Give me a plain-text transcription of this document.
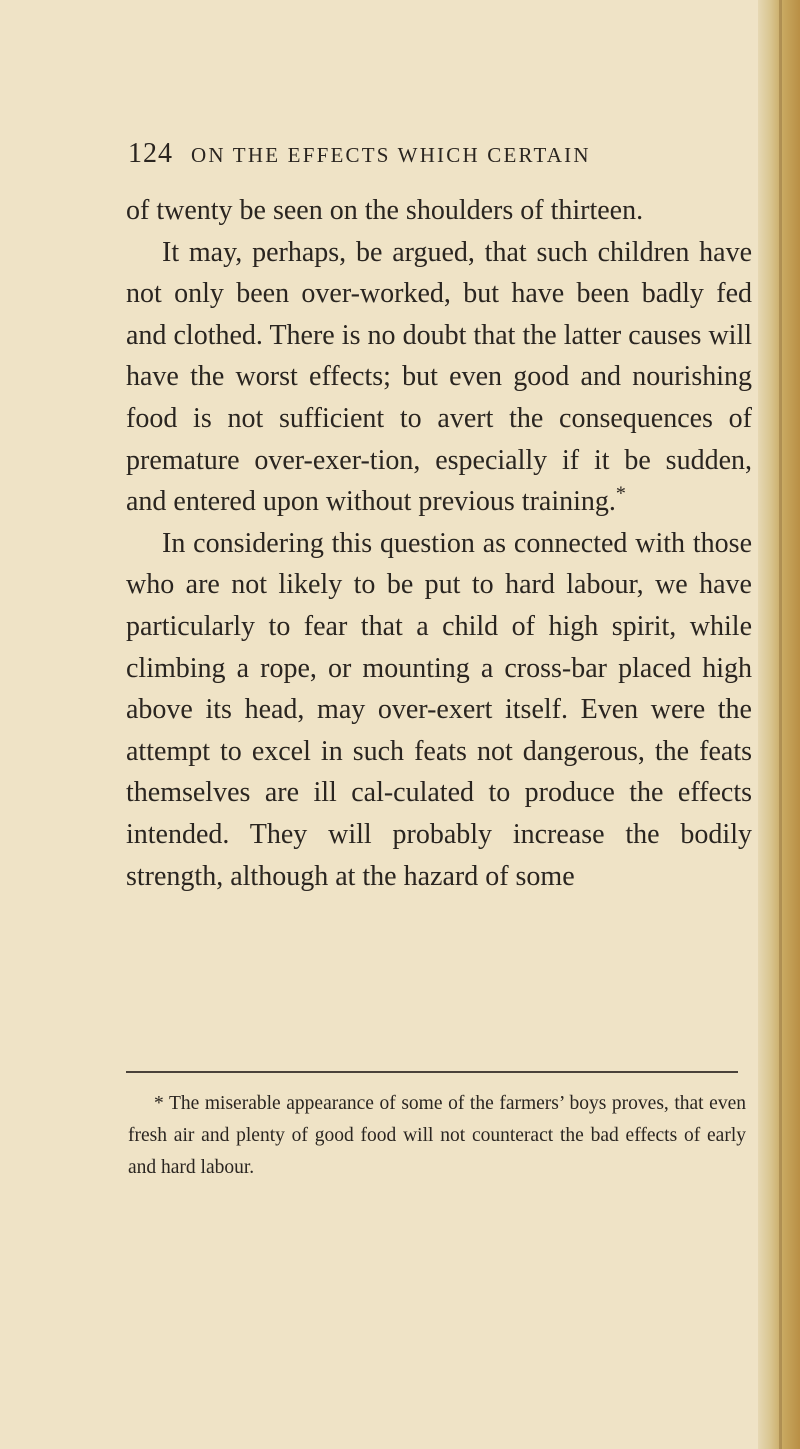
124 ON THE EFFECTS WHICH CERTAIN

of twenty be seen on the shoulders of thirteen.

It may, perhaps, be argued, that such children have not only been over-worked, but have been badly fed and clothed. There is no doubt that the latter causes will have the worst effects; but even good and nourishing food is not sufficient to avert the consequences of premature over-exer-tion, especially if it be sudden, and entered upon without previous training.*

In considering this question as connected with those who are not likely to be put to hard labour, we have particularly to fear that a child of high spirit, while climbing a rope, or mounting a cross-bar placed high above its head, may over-exert itself. Even were the attempt to excel in such feats not dangerous, the feats themselves are ill cal-culated to produce the effects intended. They will probably increase the bodily strength, although at the hazard of some

* The miserable appearance of some of the farmers’ boys proves, that even fresh air and plenty of good food will not counteract the bad effects of early and hard labour.
